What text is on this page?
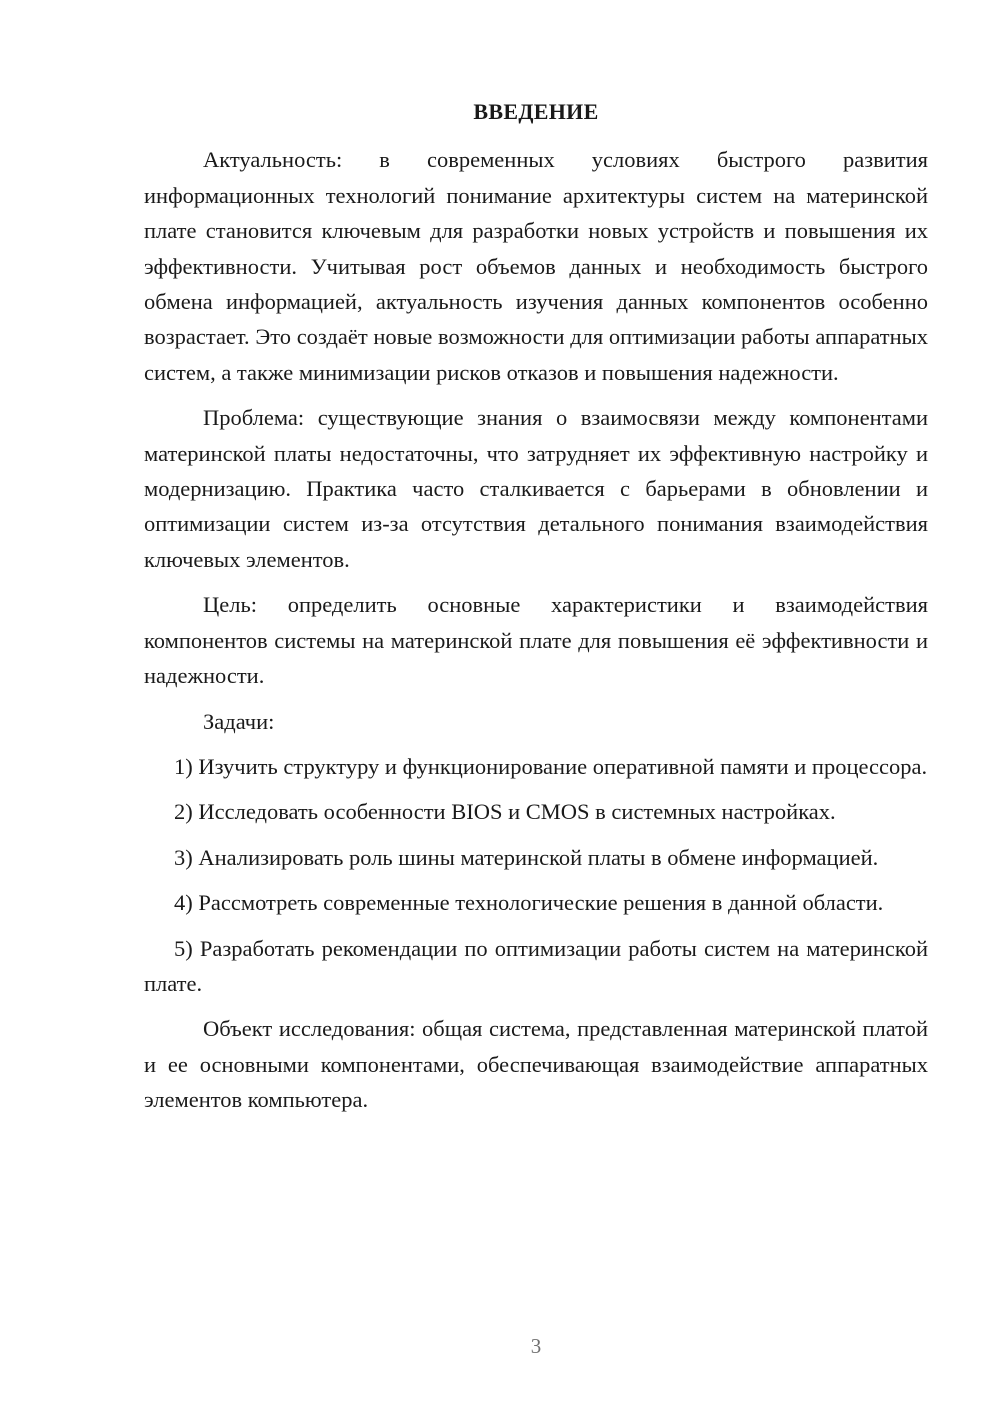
ВВЕДЕНИЕ

Актуальность: в современных условиях быстрого развития информационных технологий понимание архитектуры систем на материнской плате становится ключевым для разработки новых устройств и повышения их эффективности. Учитывая рост объемов данных и необходимость быстрого обмена информацией, актуальность изучения данных компонентов особенно возрастает. Это создаёт новые возможности для оптимизации работы аппаратных систем, а также минимизации рисков отказов и повышения надежности.

Проблема: существующие знания о взаимосвязи между компонентами материнской платы недостаточны, что затрудняет их эффективную настройку и модернизацию. Практика часто сталкивается с барьерами в обновлении и оптимизации систем из-за отсутствия детального понимания взаимодействия ключевых элементов.

Цель: определить основные характеристики и взаимодействия компонентов системы на материнской плате для повышения её эффективности и надежности.

Задачи:

1) Изучить структуру и функционирование оперативной памяти и процессора.

2) Исследовать особенности BIOS и CMOS в системных настройках.

3) Анализировать роль шины материнской платы в обмене информацией.

4) Рассмотреть современные технологические решения в данной области.

5) Разработать рекомендации по оптимизации работы систем на материнской плате.

Объект исследования: общая система, представленная материнской платой и ее основными компонентами, обеспечивающая взаимодействие аппаратных элементов компьютера.

3
